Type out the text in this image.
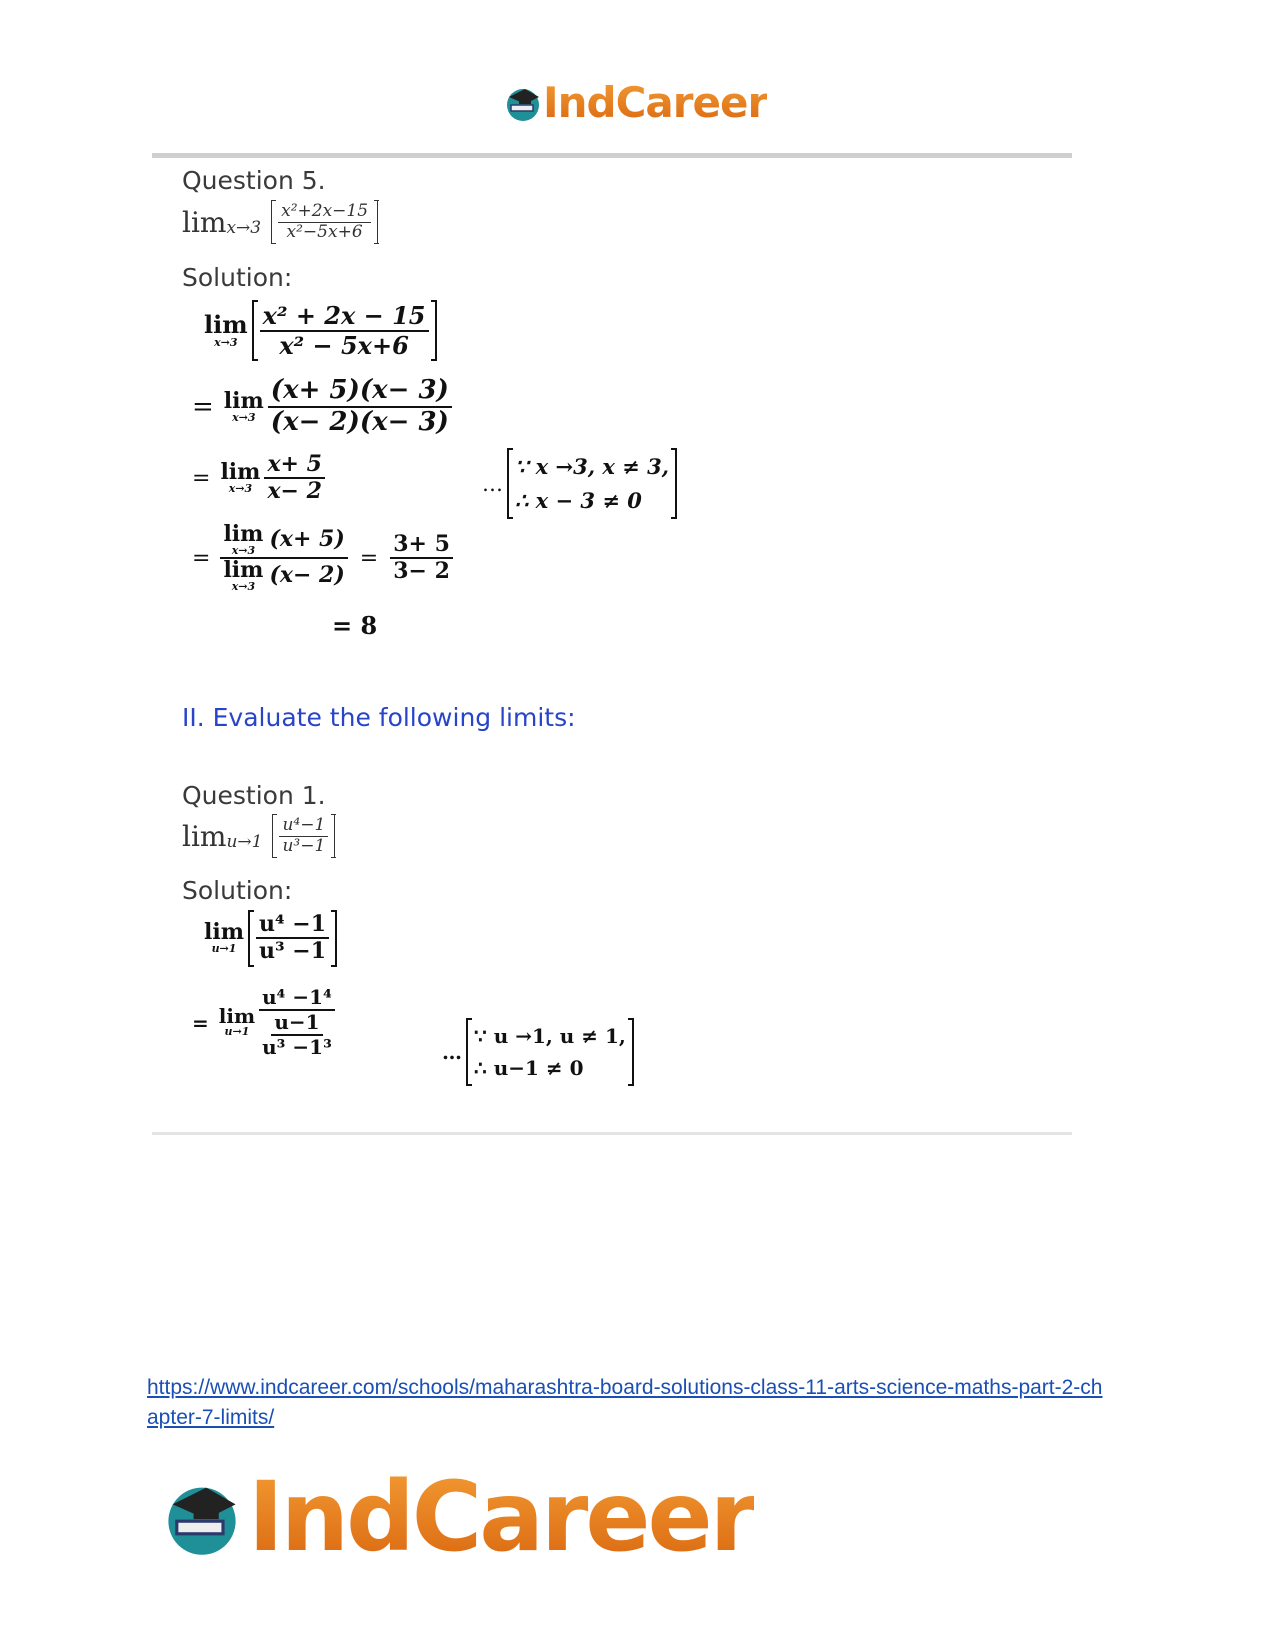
IndCareer
Question 5.
$\lim_{x\to 3} \frac{\text{x²+2x−15}}{\text{x²−5x+6}}$
Solution:
lim
$x\to 3 \frac{\text{x² + 2x − 15}}{\text{x² − 5x+6}}$
= lim
$x\to 3 \frac{(x+ 5)(x- 3)}{(x- 2)(x- 3)}$
= lim
$x\to 3 \frac{x+ 5}{x- 2}$	…
∵ x →3, x ≠ 3,
∴ x − 3 ≠ 0
= lim
x→3 (x+ 5)
lim
x→3 $(x- 2) = \frac{3+ 5}{3- 2}$
= 8
II. Evaluate the following limits:
Question 1.
$\lim_{u\to 1} \frac{\text{u⁴−1}}{\text{u³−1}}$
Solution:
lim
$u\to 1 \frac{\text{u⁴ −1}}{\text{u³ −1}}$
= lim
u→1
u⁴ −1⁴
u−1
u³ −1³	…
∵ u →1, u ≠ 1,
∴ u−1 ≠ 0
https://www.indcareer.com/schools/maharashtra-board-solutions-class-11-arts-science-maths-part-2-chapter-7-limits/
IndCareer
